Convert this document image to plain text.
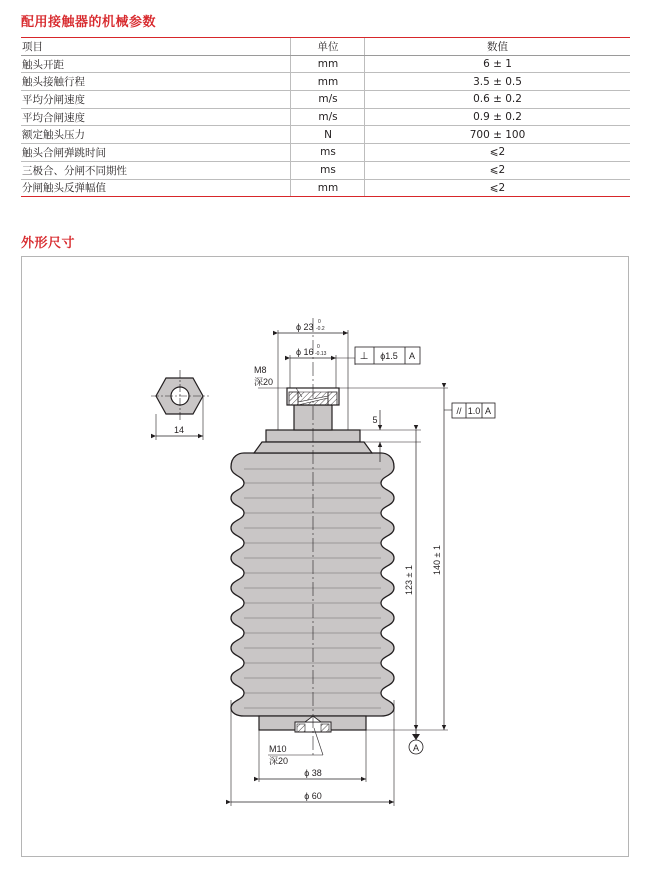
配用接触器的机械参数
项目	单位	数值
触头开距	mm	6 ± 1
触头接触行程	mm	3.5 ± 0.5
平均分闸速度	m/s	0.6 ± 0.2
平均合闸速度	m/s	0.9 ± 0.2
额定触头压力	N	700 ± 100
触头合闸弹跳时间	ms	⩽2
三极合、分闸不同期性	ms	⩽2
分闸触头反弹幅值	mm	⩽2
外形尺寸
14
ϕ 23 0
-0.2
ϕ 16 0
-0.13	⊥ ϕ1.5 A
M8
深20
5
123 ± 1
140 ± 1
// 1.0 A
A
M10
深20
ϕ 38
ϕ 60
